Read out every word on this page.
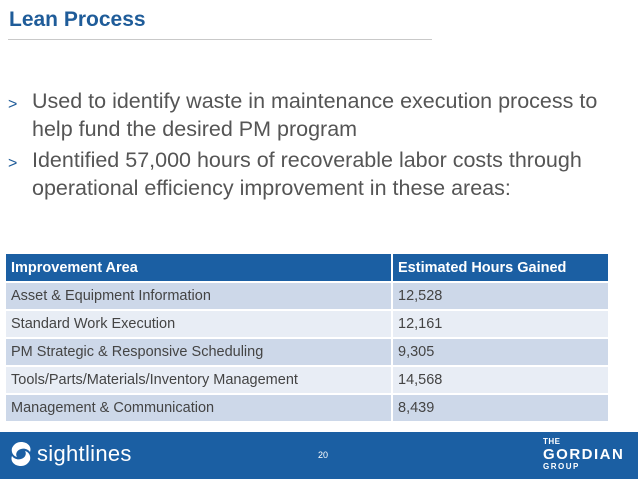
Lean Process
> Used to identify waste in maintenance execution process to help fund the desired PM program
> Identified 57,000 hours of recoverable labor costs through operational efficiency improvement in these areas:
Improvement Area	Estimated Hours Gained
Asset & Equipment Information	12,528
Standard Work Execution	12,161
PM Strategic & Responsive Scheduling	9,305
Tools/Parts/Materials/Inventory Management	14,568
Management & Communication	8,439
sightlines	20
THE
GORDIAN
GROUP
